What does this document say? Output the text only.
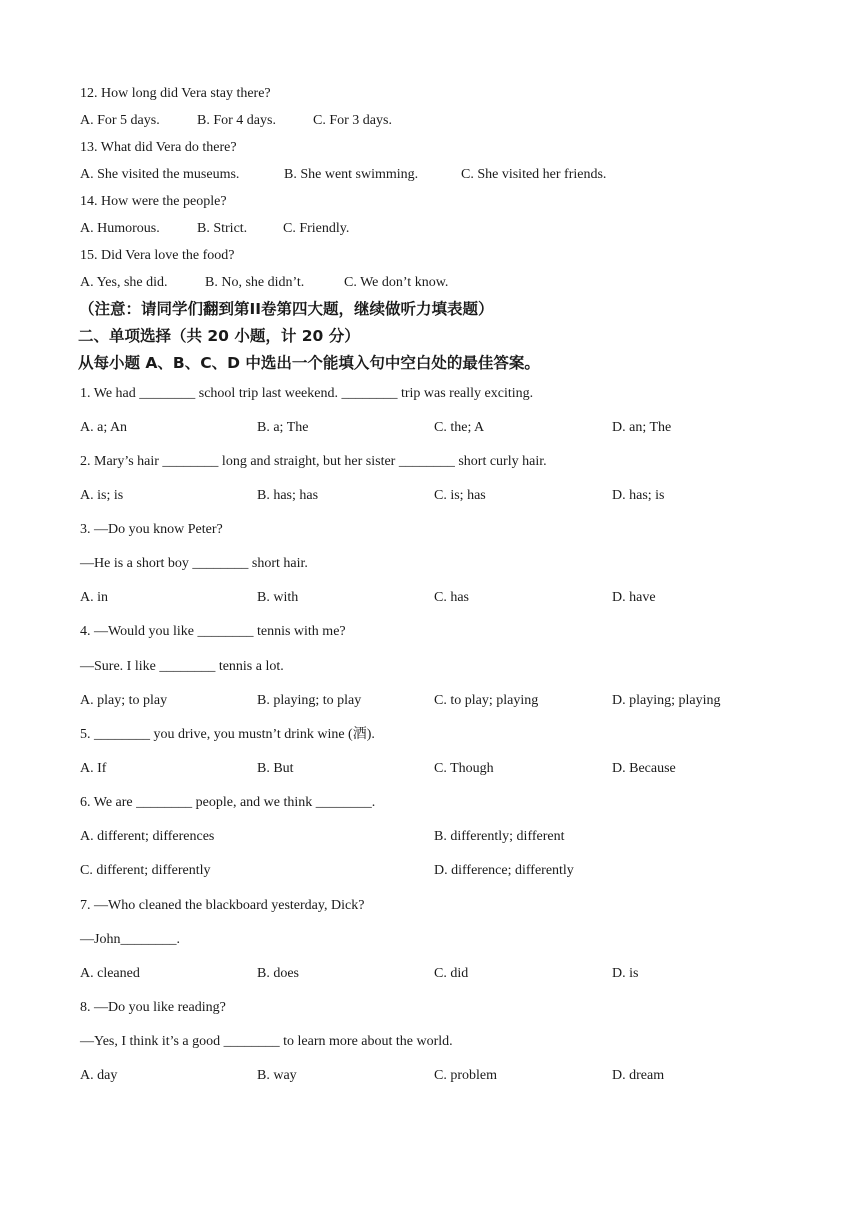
12. How long did Vera stay there?
A. For 5 days.	B. For 4 days.	C. For 3 days.
13. What did Vera do there?
A. She visited the museums.	B. She went swimming.	C. She visited her friends.
14. How were the people?
A. Humorous.	B. Strict.	C. Friendly.
15. Did Vera love the food?
A. Yes, she did.	B. No, she didn’t.	C. We don’t know.
（注意：请同学们翻到第II卷第四大题，继续做听力填表题）
二、单项选择（共 20 小题，计 20 分）
从每小题 A、B、C、D 中选出一个能填入句中空白处的最佳答案。
1. We had ________ school trip last weekend. ________ trip was really exciting.
A. a; An	B. a; The	C. the; A	D. an; The
2. Mary’s hair ________ long and straight, but her sister ________ short curly hair.
A. is; is	B. has; has	C. is; has	D. has; is
3. —Do you know Peter?
—He is a short boy ________ short hair.
A. in	B. with	C. has	D. have
4. —Would you like ________ tennis with me?
—Sure. I like ________ tennis a lot.
A. play; to play	B. playing; to play	C. to play; playing	D. playing; playing
5. ________ you drive, you mustn’t drink wine (酒).
A. If	B. But	C. Though	D. Because
6. We are ________ people, and we think ________.
A. different; differences	B. differently; different
C. different; differently	D. difference; differently
7. —Who cleaned the blackboard yesterday, Dick?
—John________.
A. cleaned	B. does	C. did	D. is
8. —Do you like reading?
—Yes, I think it’s a good ________ to learn more about the world.
A. day	B. way	C. problem	D. dream
